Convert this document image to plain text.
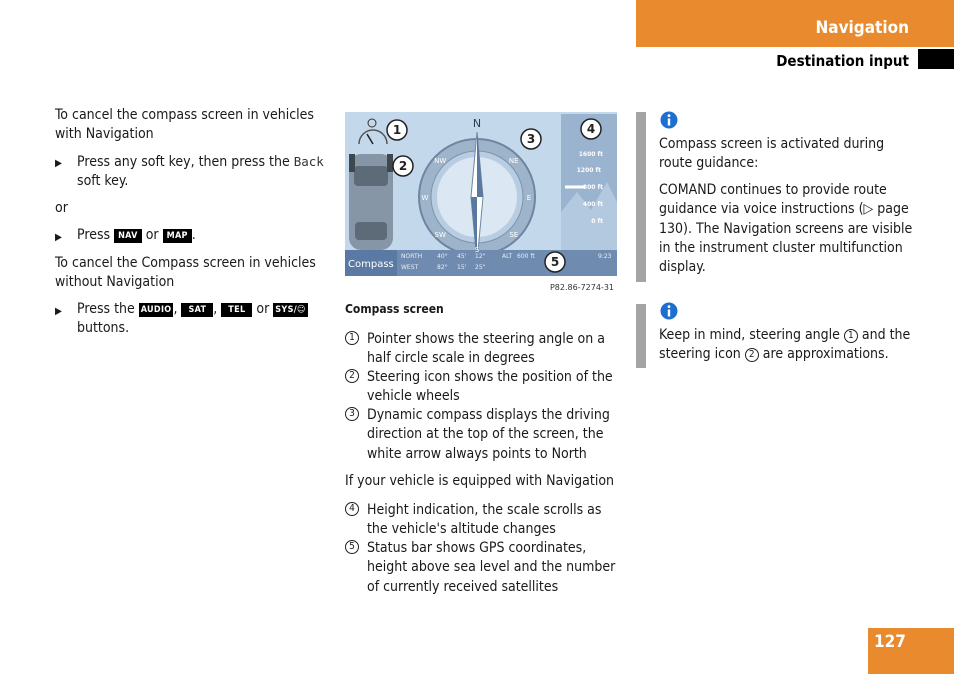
Navigation
Destination input
To cancel the compass screen in vehicles with Navigation
▶ Press any soft key, then press the Back
soft key.
or
▶ Press NAV or MAP .
To cancel the Compass screen in vehicles without Navigation
▶ Press the AUDIO , SAT , TEL or SYS/☺
buttons.
N
1600 ft
1200 ft
800 ft
400 ft
0 ft
Compass
NORTH
WEST
40° 45' 12"
82° 15' 25"
ALT 600 ft	9:23
1
2
3
4
5
P82.86-7274-31
NW	NE
W	E
SW	SE
S
Compass screen
1 Pointer shows the steering angle on a half circle scale in degrees
2 Steering icon shows the position of the vehicle wheels
3 Dynamic compass displays the driving direction at the top of the screen, the white arrow always points to North
If your vehicle is equipped with Navigation
4 Height indication, the scale scrolls as the vehicle's altitude changes
5 Status bar shows GPS coordinates, height above sea level and the number of currently received satellites
Compass screen is activated during route guidance:
COMAND continues to provide route guidance via voice instructions (▷ page 130). The Navigation screens are visible in the instrument cluster multifunction display.
Keep in mind, steering angle 1 and the steering icon 2 are approximations.
127
